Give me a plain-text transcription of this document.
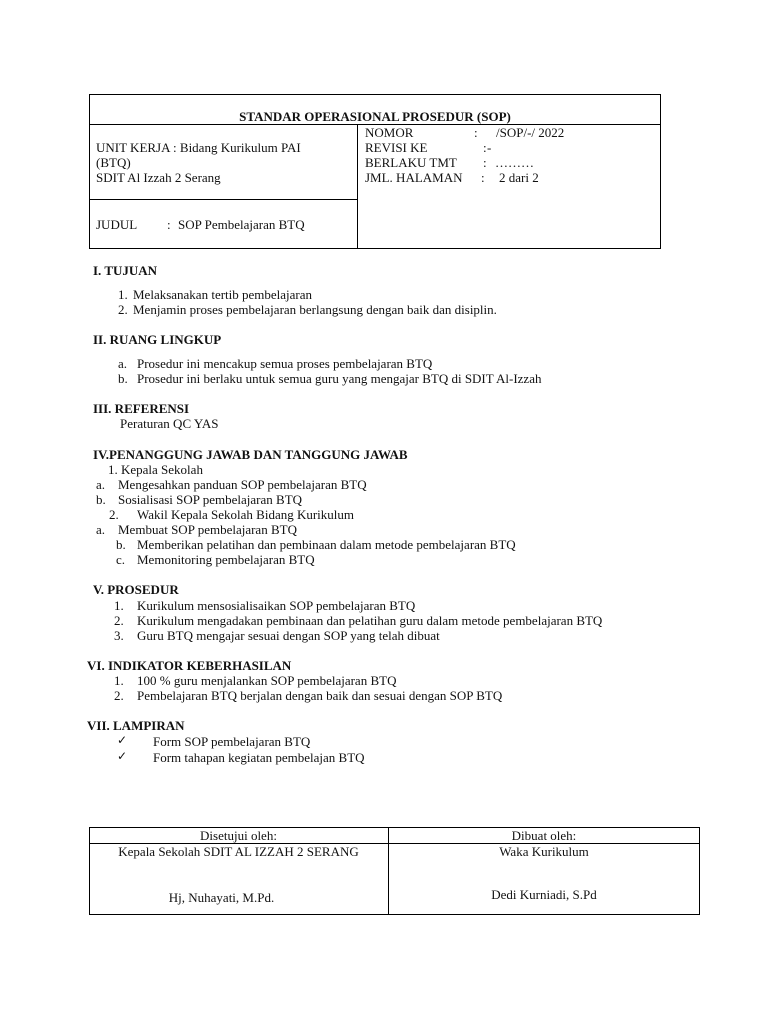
STANDAR OPERASIONAL PROSEDUR (SOP)
UNIT KERJA : Bidang Kurikulum PAI
(BTQ)
SDIT Al Izzah 2 Serang
JUDUL : SOP Pembelajaran BTQ
NOMOR	: /SOP/-/ 2022
REVISI KE	: -
BERLAKU TMT : ………
JML. HALAMAN : 2 dari 2
I. TUJUAN
1. Melaksanakan tertib pembelajaran
2. Menjamin proses pembelajaran berlangsung dengan baik dan disiplin.
II. RUANG LINGKUP
a. Prosedur ini mencakup semua proses pembelajaran BTQ
b. Prosedur ini berlaku untuk semua guru yang mengajar BTQ di SDIT Al-Izzah
III. REFERENSI
Peraturan QC YAS
IV.PENANGGUNG JAWAB DAN TANGGUNG JAWAB
1. Kepala Sekolah
a. Mengesahkan panduan SOP pembelajaran BTQ
b. Sosialisasi SOP pembelajaran BTQ
2. Wakil Kepala Sekolah Bidang Kurikulum
a. Membuat SOP pembelajaran BTQ
b. Memberikan pelatihan dan pembinaan dalam metode pembelajaran BTQ
c. Memonitoring pembelajaran BTQ
V. PROSEDUR
1. Kurikulum mensosialisaikan SOP pembelajaran BTQ
2. Kurikulum mengadakan pembinaan dan pelatihan guru dalam metode pembelajaran BTQ
3. Guru BTQ mengajar sesuai dengan SOP yang telah dibuat
VI. INDIKATOR KEBERHASILAN
1. 100 % guru menjalankan SOP pembelajaran BTQ
2. Pembelajaran BTQ berjalan dengan baik dan sesuai dengan SOP BTQ
VII. LAMPIRAN
✓ Form SOP pembelajaran BTQ
✓ Form tahapan kegiatan pembelajan BTQ
Disetujui oleh:	Dibuat oleh:
Kepala Sekolah SDIT AL IZZAH 2 SERANG	Waka Kurikulum
Hj, Nuhayati, M.Pd.	Dedi Kurniadi, S.Pd
